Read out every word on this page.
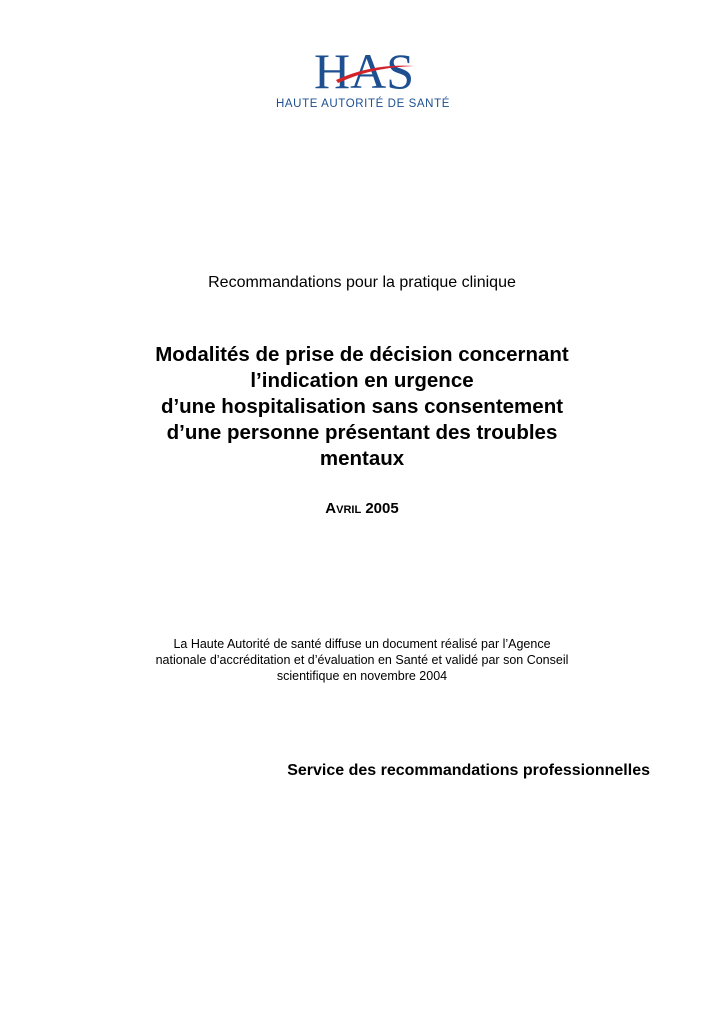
HAS
HAUTE AUTORITÉ DE SANTÉ
Recommandations pour la pratique clinique
Modalités de prise de décision concernant
l’indication en urgence
d’une hospitalisation sans consentement
d’une personne présentant des troubles
mentaux
Avril 2005
La Haute Autorité de santé diffuse un document réalisé par l’Agence
nationale d’accréditation et d’évaluation en Santé et validé par son Conseil
scientifique en novembre 2004
Service des recommandations professionnelles
